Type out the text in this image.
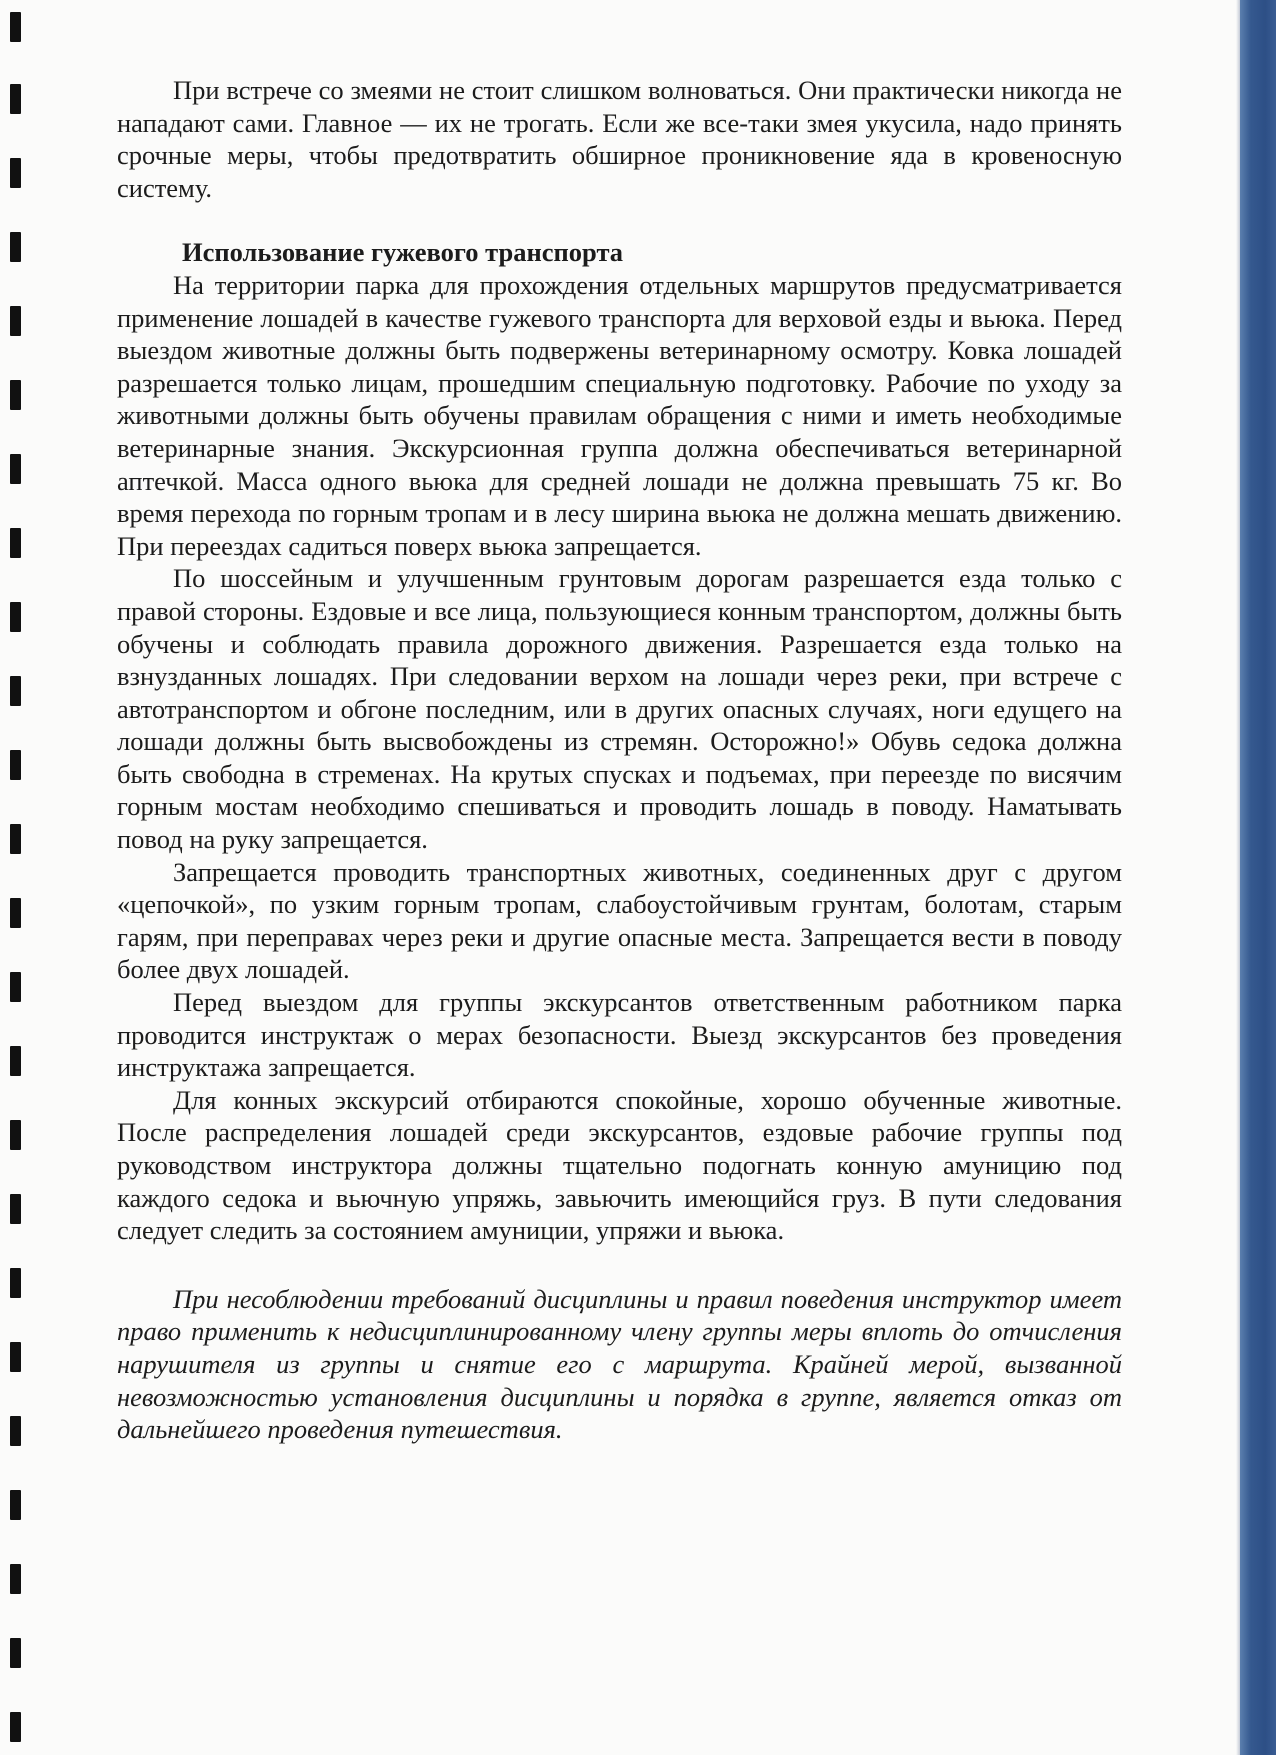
При встрече со змеями не стоит слишком волноваться. Они практически никогда не нападают сами. Главное — их не трогать. Если же все-таки змея укусила, надо принять срочные меры, чтобы предотвратить обширное проникновение яда в кровеносную систему.

Использование гужевого транспорта

На территории парка для прохождения отдельных маршрутов предусматривается применение лошадей в качестве гужевого транспорта для верховой езды и вьюка. Перед выездом животные должны быть подвержены ветеринарному осмотру. Ковка лошадей разрешается только лицам, прошедшим специальную подготовку. Рабочие по уходу за животными должны быть обучены правилам обращения с ними и иметь необходимые ветеринарные знания. Экскурсионная группа должна обеспечиваться ветеринарной аптечкой. Масса одного вьюка для средней лошади не должна превышать 75 кг. Во время перехода по горным тропам и в лесу ширина вьюка не должна мешать движению. При переездах садиться поверх вьюка запрещается.

По шоссейным и улучшенным грунтовым дорогам разрешается езда только с правой стороны. Ездовые и все лица, пользующиеся конным транспортом, должны быть обучены и соблюдать правила дорожного движения. Разрешается езда только на взнузданных лошадях. При следовании верхом на лошади через реки, при встрече с автотранспортом и обгоне последним, или в других опасных случаях, ноги едущего на лошади должны быть высвобождены из стремян. Осторожно!» Обувь седока должна быть свободна в стременах. На крутых спусках и подъемах, при переезде по висячим горным мостам необходимо спешиваться и проводить лошадь в поводу. Наматывать повод на руку запрещается.

Запрещается проводить транспортных животных, соединенных друг с другом «цепочкой», по узким горным тропам, слабоустойчивым грунтам, болотам, старым гарям, при переправах через реки и другие опасные места. Запрещается вести в поводу более двух лошадей.

Перед выездом для группы экскурсантов ответственным работником парка проводится инструктаж о мерах безопасности. Выезд экскурсантов без проведения инструктажа запрещается.

Для конных экскурсий отбираются спокойные, хорошо обученные животные. После распределения лошадей среди экскурсантов, ездовые рабочие группы под руководством инструктора должны тщательно подогнать конную амуницию под каждого седока и вьючную упряжь, завьючить имеющийся груз. В пути следования следует следить за состоянием амуниции, упряжи и вьюка.

При несоблюдении требований дисциплины и правил поведения инструктор имеет право применить к недисциплинированному члену группы меры вплоть до отчисления нарушителя из группы и снятие его с маршрута. Крайней мерой, вызванной невозможностью установления дисциплины и порядка в группе, является отказ от дальнейшего проведения путешествия.
